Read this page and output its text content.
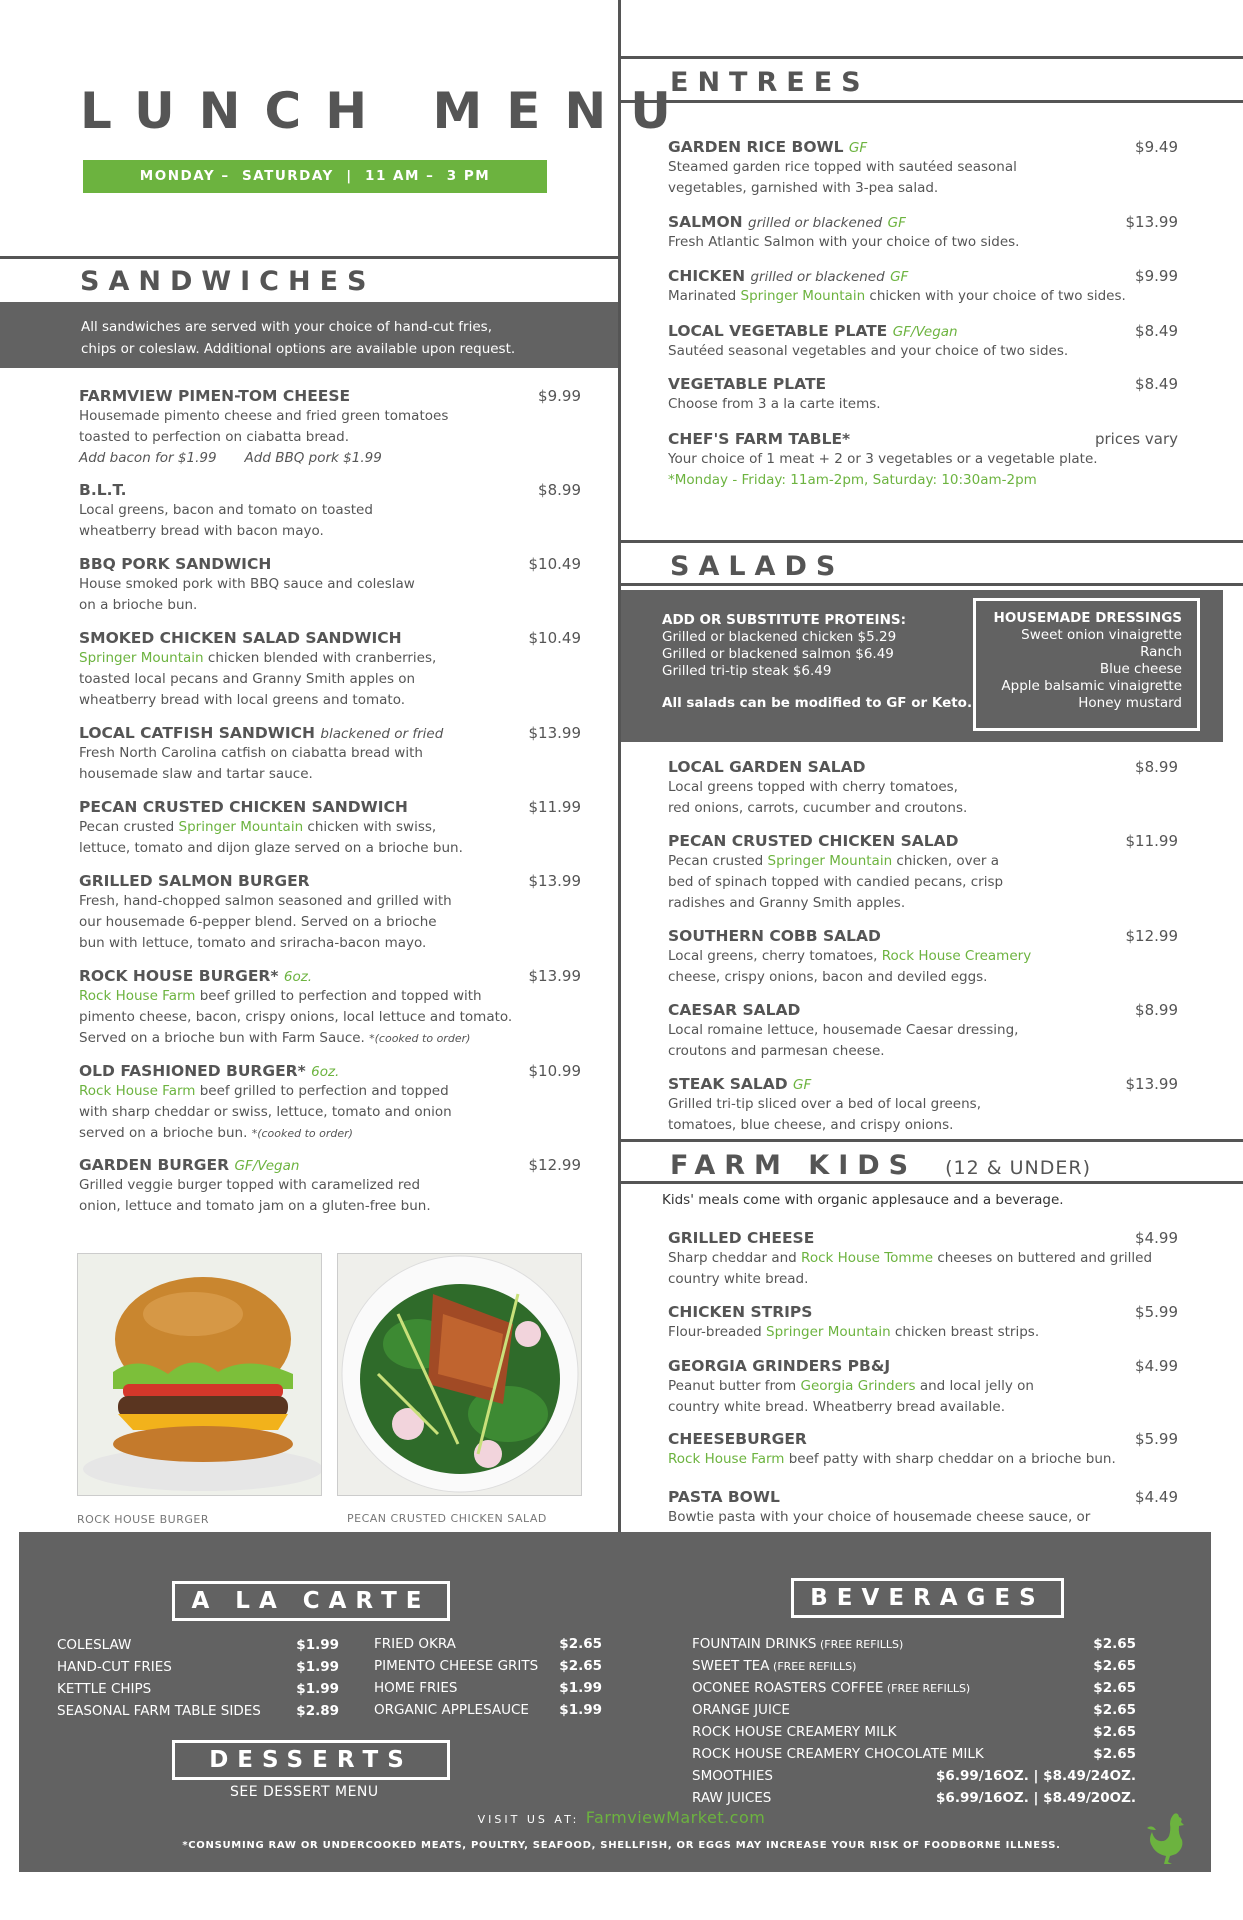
LUNCH MENU
MONDAY –  SATURDAY  |  11 AM –  3 PM
SANDWICHES
All sandwiches are served with your choice of hand-cut fries,
chips or coleslaw. Additional options are available upon request.
FARMVIEW PIMEN-TOM CHEESE	$9.99
Housemade pimento cheese and fried green tomatoes
toasted to perfection on ciabatta bread.
Add bacon for $1.99 Add BBQ pork $1.99
B.L.T.	$8.99
Local greens, bacon and tomato on toasted
wheatberry bread with bacon mayo.
BBQ PORK SANDWICH	$10.49
House smoked pork with BBQ sauce and coleslaw
on a brioche bun.
SMOKED CHICKEN SALAD SANDWICH	$10.49
Springer Mountain chicken blended with cranberries,
toasted local pecans and Granny Smith apples on
wheatberry bread with local greens and tomato.
LOCAL CATFISH SANDWICH blackened or fried	$13.99
Fresh North Carolina catfish on ciabatta bread with
housemade slaw and tartar sauce.
PECAN CRUSTED CHICKEN SANDWICH	$11.99
Pecan crusted Springer Mountain chicken with swiss,
lettuce, tomato and dijon glaze served on a brioche bun.
GRILLED SALMON BURGER	$13.99
Fresh, hand-chopped salmon seasoned and grilled with
our housemade 6-pepper blend. Served on a brioche
bun with lettuce, tomato and sriracha-bacon mayo.
ROCK HOUSE BURGER* 6oz.	$13.99
Rock House Farm beef grilled to perfection and topped with
pimento cheese, bacon, crispy onions, local lettuce and tomato.
Served on a brioche bun with Farm Sauce. *(cooked to order)
OLD FASHIONED BURGER* 6oz.	$10.99
Rock House Farm beef grilled to perfection and topped
with sharp cheddar or swiss, lettuce, tomato and onion
served on a brioche bun. *(cooked to order)
GARDEN BURGER GF/Vegan	$12.99
Grilled veggie burger topped with caramelized red
onion, lettuce and tomato jam on a gluten-free bun.
ROCK HOUSE BURGER	PECAN CRUSTED CHICKEN SALAD
ENTREES
GARDEN RICE BOWL GF	$9.49
Steamed garden rice topped with sautéed seasonal
vegetables, garnished with 3-pea salad.
SALMON grilled or blackened GF	$13.99
Fresh Atlantic Salmon with your choice of two sides.
CHICKEN grilled or blackened GF	$9.99
Marinated Springer Mountain chicken with your choice of two sides.
LOCAL VEGETABLE PLATE GF/Vegan	$8.49
Sautéed seasonal vegetables and your choice of two sides.
VEGETABLE PLATE	$8.49
Choose from 3 a la carte items.
CHEF'S FARM TABLE*	prices vary
Your choice of 1 meat + 2 or 3 vegetables or a vegetable plate.
*Monday - Friday: 11am-2pm, Saturday: 10:30am-2pm
SALADS
ADD OR SUBSTITUTE PROTEINS:
Grilled or blackened chicken $5.29
Grilled or blackened salmon $6.49
Grilled tri-tip steak $6.49
All salads can be modified to GF or Keto.
HOUSEMADE DRESSINGS
Sweet onion vinaigrette
Ranch
Blue cheese
Apple balsamic vinaigrette
Honey mustard
LOCAL GARDEN SALAD	$8.99
Local greens topped with cherry tomatoes,
red onions, carrots, cucumber and croutons.
PECAN CRUSTED CHICKEN SALAD	$11.99
Pecan crusted Springer Mountain chicken, over a
bed of spinach topped with candied pecans, crisp
radishes and Granny Smith apples.
SOUTHERN COBB SALAD	$12.99
Local greens, cherry tomatoes, Rock House Creamery
cheese, crispy onions, bacon and deviled eggs.
CAESAR SALAD	$8.99
Local romaine lettuce, housemade Caesar dressing,
croutons and parmesan cheese.
STEAK SALAD GF	$13.99
Grilled tri-tip sliced over a bed of local greens,
tomatoes, blue cheese, and crispy onions.
FARM KIDS (12 & UNDER)
Kids' meals come with organic applesauce and a beverage.
GRILLED CHEESE	$4.99
Sharp cheddar and Rock House Tomme cheeses on buttered and grilled
country white bread.
CHICKEN STRIPS	$5.99
Flour-breaded Springer Mountain chicken breast strips.
GEORGIA GRINDERS PB&J	$4.99
Peanut butter from Georgia Grinders and local jelly on
country white bread. Wheatberry bread available.
CHEESEBURGER	$5.99
Rock House Farm beef patty with sharp cheddar on a brioche bun.
PASTA BOWL	$4.49
Bowtie pasta with your choice of housemade cheese sauce, or
A LA CARTE
COLESLAW	$1.99
HAND-CUT FRIES	$1.99
KETTLE CHIPS	$1.99
SEASONAL FARM TABLE SIDES	$2.89
FRIED OKRA	$2.65
PIMENTO CHEESE GRITS $2.65
HOME FRIES	$1.99
ORGANIC APPLESAUCE $1.99
DESSERTS
SEE DESSERT MENU
BEVERAGES
FOUNTAIN DRINKS (FREE REFILLS)	$2.65
SWEET TEA (FREE REFILLS)	$2.65
OCONEE ROASTERS COFFEE (FREE REFILLS)	$2.65
ORANGE JUICE	$2.65
ROCK HOUSE CREAMERY MILK	$2.65
ROCK HOUSE CREAMERY CHOCOLATE MILK	$2.65
SMOOTHIES	$6.99/16OZ. | $8.49/24OZ.
RAW JUICES	$6.99/16OZ. | $8.49/20OZ.
VISIT US AT: FarmviewMarket.com
*CONSUMING RAW OR UNDERCOOKED MEATS, POULTRY, SEAFOOD, SHELLFISH, OR EGGS MAY INCREASE YOUR RISK OF FOODBORNE ILLNESS.
